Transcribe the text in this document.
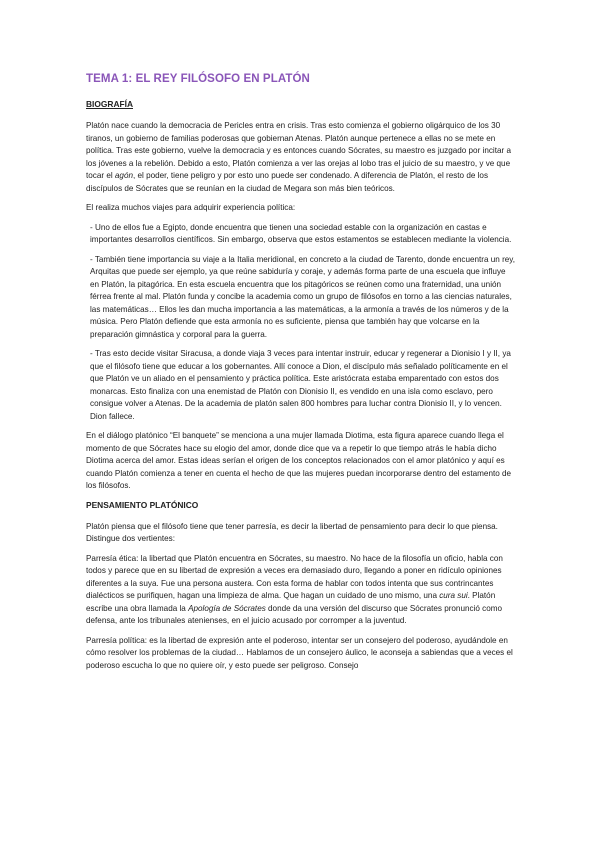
TEMA 1: EL REY FILÓSOFO EN PLATÓN
BIOGRAFÍA

Platón nace cuando la democracia de Pericles entra en crisis. Tras esto comienza el gobierno oligárquico de los 30 tiranos, un gobierno de familias poderosas que gobiernan Atenas. Platón aunque pertenece a ellas no se mete en política. Tras este gobierno, vuelve la democracia y es entonces cuando Sócrates, su maestro es juzgado por incitar a los jóvenes a la rebelión. Debido a esto, Platón comienza a ver las orejas al lobo tras el juicio de su maestro, y ve que tocar el agón, el poder, tiene peligro y por esto uno puede ser condenado. A diferencia de Platón, el resto de los discípulos de Sócrates que se reunían en la ciudad de Megara son más bien teóricos.

El realiza muchos viajes para adquirir experiencia política:

- Uno de ellos fue a Egipto, donde encuentra que tienen una sociedad estable con la organización en castas e importantes desarrollos científicos. Sin embargo, observa que estos estamentos se establecen mediante la violencia.

- También tiene importancia su viaje a la Italia meridional, en concreto a la ciudad de Tarento, donde encuentra un rey, Arquitas que puede ser ejemplo, ya que reúne sabiduría y coraje, y además forma parte de una escuela que influye en Platón, la pitagórica. En esta escuela encuentra que los pitagóricos se reúnen como una fraternidad, una unión férrea frente al mal. Platón funda y concibe la academia como un grupo de filósofos en torno a las ciencias naturales, las matemáticas… Ellos les dan mucha importancia a las matemáticas, a la armonía a través de los números y de la música. Pero Platón defiende que esta armonía no es suficiente, piensa que también hay que volcarse en la preparación gimnástica y corporal para la guerra.

- Tras esto decide visitar Siracusa, a donde viaja 3 veces para intentar instruir, educar y regenerar a Dionisio I y II, ya que el filósofo tiene que educar a los gobernantes. Allí conoce a Dion, el discípulo más señalado políticamente en el que Platón ve un aliado en el pensamiento y práctica política. Este aristócrata estaba emparentado con estos dos monarcas. Esto finaliza con una enemistad de Platón con Dionisio II, es vendido en una isla como esclavo, pero consigue volver a Atenas. De la academia de platón salen 800 hombres para luchar contra Dionisio II, y lo vencen. Dion fallece.

En el diálogo platónico “El banquete” se menciona a una mujer llamada Diotima, esta figura aparece cuando llega el momento de que Sócrates hace su elogio del amor, donde dice que va a repetir lo que tiempo atrás le había dicho Diotima acerca del amor. Estas ideas serían el origen de los conceptos relacionados con el amor platónico y aquí es cuando Platón comienza a tener en cuenta el hecho de que las mujeres puedan incorporarse dentro del estamento de los filósofos.

PENSAMIENTO PLATÓNICO

Platón piensa que el filósofo tiene que tener parresía, es decir la libertad de pensamiento para decir lo que piensa. Distingue dos vertientes:

Parresía ética: la libertad que Platón encuentra en Sócrates, su maestro. No hace de la filosofía un oficio, habla con todos y parece que en su libertad de expresión a veces era demasiado duro, llegando a poner en ridículo opiniones diferentes a la suya. Fue una persona austera. Con esta forma de hablar con todos intenta que sus contrincantes dialécticos se purifiquen, hagan una limpieza de alma. Que hagan un cuidado de uno mismo, una cura sui. Platón escribe una obra llamada la Apología de Sócrates donde da una versión del discurso que Sócrates pronunció como defensa, ante los tribunales atenienses, en el juicio acusado por corromper a la juventud.

Parresía política: es la libertad de expresión ante el poderoso, intentar ser un consejero del poderoso, ayudándole en cómo resolver los problemas de la ciudad… Hablamos de un consejero áulico, le aconseja a sabiendas que a veces el poderoso escucha lo que no quiere oír, y esto puede ser peligroso. Consejo
